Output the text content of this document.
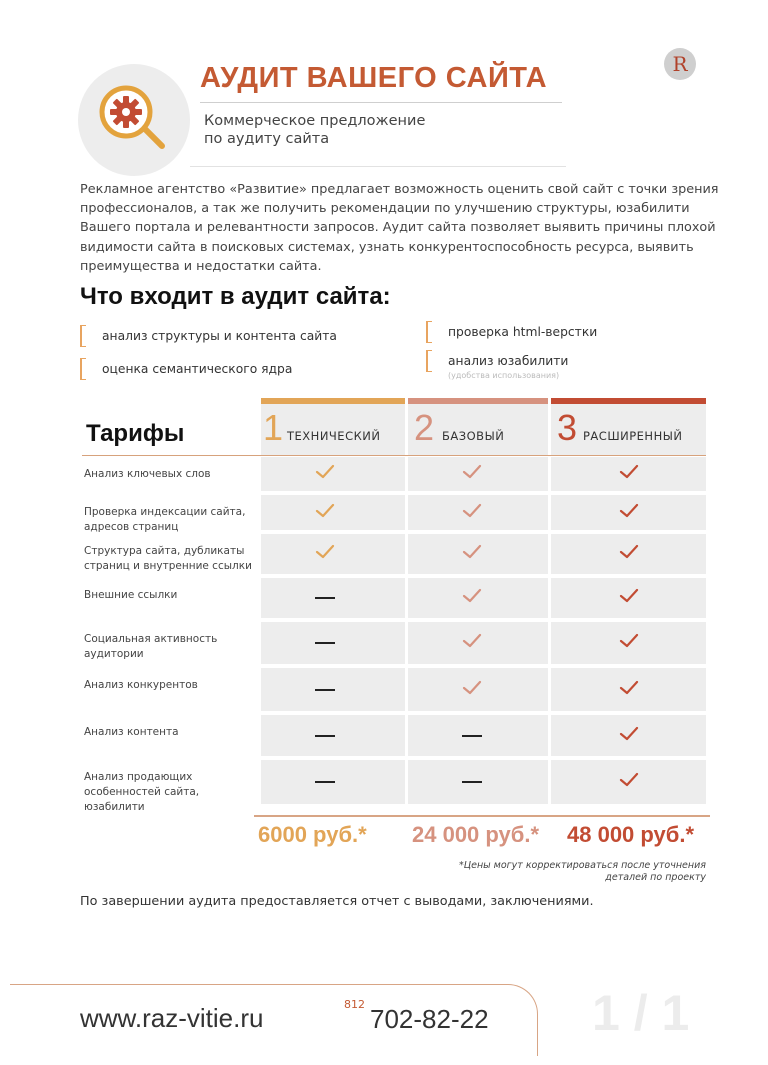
R
АУДИТ ВАШЕГО САЙТА
Коммерческое предложение
по аудиту сайта
Рекламное агентство «Развитие» предлагает возможность оценить свой сайт с точки зрения профессионалов, а так же получить рекомендации по улучшению структуры, юзабилити Вашего портала и релевантности запросов. Аудит сайта позволяет выявить причины плохой видимости сайта в поисковых системах, узнать конкурентоспособность ресурса, выявить преимущества и недостатки сайта.
Что входит в аудит сайта:
анализ структуры и контента сайта
оценка семантического ядра
проверка html-верстки
анализ юзабилити
(удобства использования)
Тарифы 1 ТЕХНИЧЕСКИЙ 2 БАЗОВЫЙ 3 РАСШИРЕННЫЙ
Анализ ключевых слов
Проверка индексации сайта, адресов страниц
Структура сайта, дубликаты страниц и внутренние ссылки
Внешние ссылки
Социальная активность аудитории
Анализ конкурентов
Анализ контента
Анализ продающих особенностей сайта, юзабилити
6000 руб.* 24 000 руб.* 48 000 руб.*
*Цены могут корректироваться после уточнения деталей по проекту
По завершении аудита предоставляется отчет с выводами, заключениями.
www.raz-vitie.ru	812 702-82-22 1 / 1
